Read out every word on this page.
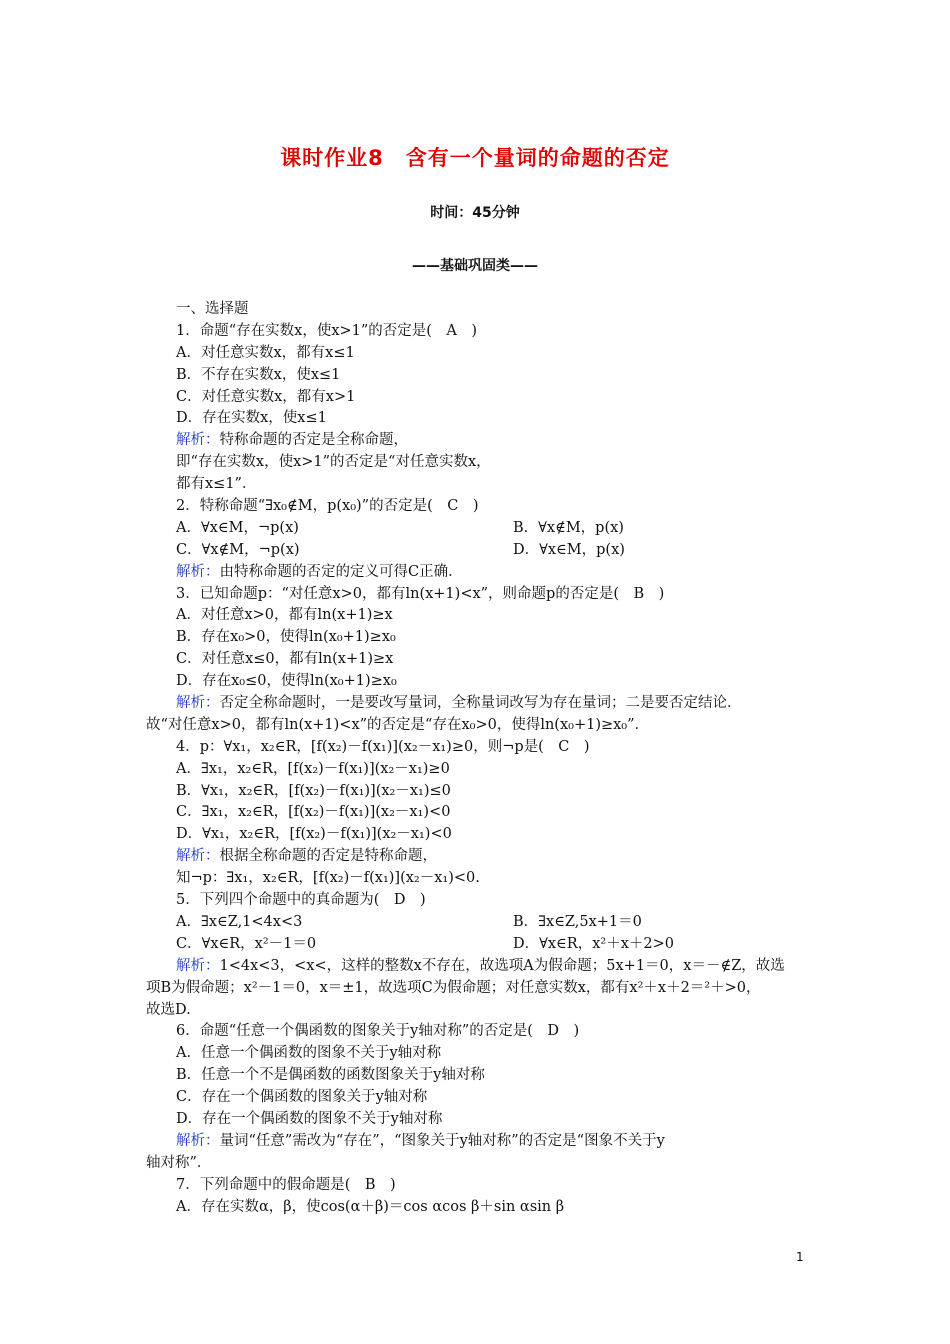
课时作业8　含有一个量词的命题的否定
时间：45分钟
——基础巩固类——
一、选择题
1．命题“存在实数x，使x>1”的否定是(　A　)
A．对任意实数x，都有x≤1
B．不存在实数x，使x≤1
C．对任意实数x，都有x>1
D．存在实数x，使x≤1
解析：特称命题的否定是全称命题，
即“存在实数x，使x>1”的否定是“对任意实数x，
都有x≤1”．
2．特称命题“∃x₀∉M，p(x₀)”的否定是(　C　)
A．∀x∈M，¬p(x)	B．∀x∉M，p(x)
C．∀x∉M，¬p(x)	D．∀x∈M，p(x)
解析：由特称命题的否定的定义可得C正确．
3．已知命题p：“对任意x>0，都有ln(x+1)<x”，则命题p的否定是(　B　)
A．对任意x>0，都有ln(x+1)≥x
B．存在x₀>0，使得ln(x₀+1)≥x₀
C．对任意x≤0，都有ln(x+1)≥x
D．存在x₀≤0，使得ln(x₀+1)≥x₀
解析：否定全称命题时，一是要改写量词，全称量词改写为存在量词；二是要否定结论．
故“对任意x>0，都有ln(x+1)<x”的否定是“存在x₀>0，使得ln(x₀+1)≥x₀”．
4．p：∀x₁，x₂∈R，[f(x₂)－f(x₁)](x₂－x₁)≥0，则¬p是(　C　)
A．∃x₁，x₂∈R，[f(x₂)－f(x₁)](x₂－x₁)≥0
B．∀x₁，x₂∈R，[f(x₂)－f(x₁)](x₂－x₁)≤0
C．∃x₁，x₂∈R，[f(x₂)－f(x₁)](x₂－x₁)<0
D．∀x₁，x₂∈R，[f(x₂)－f(x₁)](x₂－x₁)<0
解析：根据全称命题的否定是特称命题，
知¬p：∃x₁，x₂∈R，[f(x₂)－f(x₁)](x₂－x₁)<0.
5．下列四个命题中的真命题为(　D　)
A．∃x∈Z,1<4x<3	B．∃x∈Z,5x+1＝0
C．∀x∈R，x²－1＝0	D．∀x∈R，x²＋x＋2>0
解析：1<4x<3，<x<，这样的整数x不存在，故选项A为假命题；5x+1＝0，x＝－∉Z，故选
项B为假命题；x²－1＝0，x＝±1，故选项C为假命题；对任意实数x，都有x²＋x＋2＝²＋>0，
故选D.
6．命题“任意一个偶函数的图象关于y轴对称”的否定是(　D　)
A．任意一个偶函数的图象不关于y轴对称
B．任意一个不是偶函数的函数图象关于y轴对称
C．存在一个偶函数的图象关于y轴对称
D．存在一个偶函数的图象不关于y轴对称
解析：量词“任意”需改为“存在”，“图象关于y轴对称”的否定是“图象不关于y
轴对称”．
7．下列命题中的假命题是(　B　)
A．存在实数α，β，使cos(α＋β)＝cos αcos β＋sin αsin β
1
